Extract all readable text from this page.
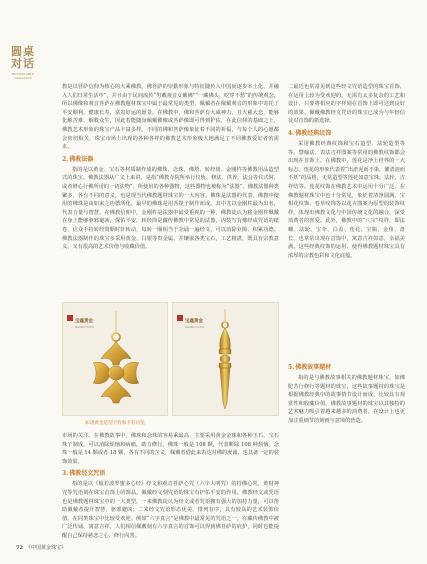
圆桌
对话
ROUNDTABLE DIALOGUE

教是以菩萨信仰为核心的大乘佛教。佛菩萨的崇勤形象与特征随传入中国而逐步本土化，并融入人们日常生活中”。并且由于民间流传“男戴观音女戴佛”“一藏佛头，吃穿不愁”的传统观念，所以佛像和观音菩萨在佛教题材珠宝中属于最常见的类型。佩戴者在佩戴观音的形象中寄托了平安顺利，健康长寿，富贵好运的愿景。在佛教中，佛和菩萨有大威神力，且大慈大悲，能够化解苦难、解救众生，因此若能随身佩戴佛像或菩萨像即可得到护佑，在此信仰的基础之上，佛教艺术形象的珠宝产品丰富多样。不同的佛和菩萨像象征着不同的祈福，与每个人的心愿都会密切相关，珠宝市场上出现的各种各样的佛教艺术形象极大地满足了不同佛教爱好者的需求。

2.佛教法器

指的是以黄金、宝石等材质制作成的佛珠、念珠、佛塔、转经筒、金刚杵等佛教用品造型式的珠宝。佛教法器从广义上来讲，是指“佛教寺院所举行仪轨、修法、供养、法会等仪式时，或者修心行佛所用的一切法物”。所使用的各种器物，这些器物也被称为“法器”。佛教法器种类繁多，各有不同的意义，也是现当代佛教题材珠宝的一大内容。佛珠是法器的代表，佛教中使用的佛珠是由如来之功德所化，最早的佛珠是用菩提子制作而成。其中尤以金刚杵最为出名，代表力量与智慧。在佛教信仰中，金刚杵是法器中最受重视的一种，佛教徒认为将金刚杵佩戴在身上能够驱邪避凶，保佑平安。转经筒是藏传佛教中常见的法器，内装写有佛经或咒语的纸卷，信众手持转经筒顺时针转动，每转一圈相当于念诵一遍经文，可以消除业障、积累功德。佛教法器制作的珠宝多采用黄金、白银等贵金属，并镶嵌各类宝石，工艺精湛，既具有宗教意义，又有很高的艺术价值与收藏价值。

宝鑫黄金
BAOXIN GOLD
宝鑫黄金
BAOXIN GOLD
如诸黄金造型卡杵和卡杵吊坠

市场的关注。在佛教故事中，佛珠和念珠的容易乘最高，主要采用黄金金珠和各种玉石、宝石珠子制成，可以消除烦恼和病痛，助力修行。佛珠一般是 108 颗，代表断除 108 种烦恼。念珠一般是 14 颗或者 18 颗，各有不同的含义，佩戴者借此来表达对佛的虔诚，也具备一定的装饰效果。

3.佛教经文咒语

指的是以《般若波罗蜜多心经》经文和观音菩萨心咒（六字大明咒）的持佛心咒，黄财神咒等咒语刻在珠宝首饰上的饰品。佩戴经文刻咒语的珠宝有护佑平安的作用。佛教经文或咒语也是佛教题材珠宝中的一大类型，一来佛教徒认为经文或者咒语拥有强大的加持力量，可以帮助佩戴者提升智慧、驱邪避凶；二来经文咒语形态优美、排列有序，具有较高的艺术装饰价值，在同类珠宝中比较受欢迎。例如“六字真言”是佛教中最常见的咒语之一，在藏传佛教中被广泛传诵，寓意吉祥，人们相信佩戴刻有六字真言的首饰可以得到佛菩萨的庇护，同时也能提醒自己保持慈悲之心，修行向善。

二最近也常常见到这些经文咒语造型的珠宝首饰，在运用上较为受欢迎的。无需有太多复杂的工艺和设计，只要将相应的字样刻在首饰上即可达到良好的效果。佩戴佛教经文咒语的珠宝已成为与年轻信徒对首饰的新选择。

4.佛教经典纹饰

采用佛教经典纹饰和宝石造型、法轮造型等等。譬喻法、表法吉祥图案等常用的佛教纹饰都会出现在首饰上。在佛教中，莲花是净土世界的一大标志，莲花的形象代表着“出淤泥而不染，濯清涟而不妖”的品格，无常造型等莲花如意宝珠、法轮、吉祥结等。莲花纹饰在佛教艺术中运用十分广泛，在佛教题材珠宝中也十分常见，象征着清净圆满。宝相花纹饰、卷草纹饰等以花卉图案为原型的装饰纹样，体现出佛教文化与中国传统文化的融合，深受消费者的喜爱。此外，佛教中的“八宝”纹样，即法螺、法轮、宝伞、白盖、莲花、宝瓶、金鱼、盘长，也常常出现在首饰中，寓意吉祥如意，幸福美满。这些经典纹饰的运用，使得佛教题材珠宝具有浓厚的宗教色彩和文化底蕴。

5.佛教故事题材

指的是与佛教故事相关的佛教题材珠宝，如佛陀苦行修行等题材的珠宝，这些故事题材的珠宝是根据佛教经典中的故事情节设计而成，比较具有观赏性和收藏价值。佛教故事题材的珠宝以其独特的艺术魅力吸引着越来越多的消费者，在设计上也更加注重细节的刻画与意境的营造。

72 《中国黄金珠宝》
